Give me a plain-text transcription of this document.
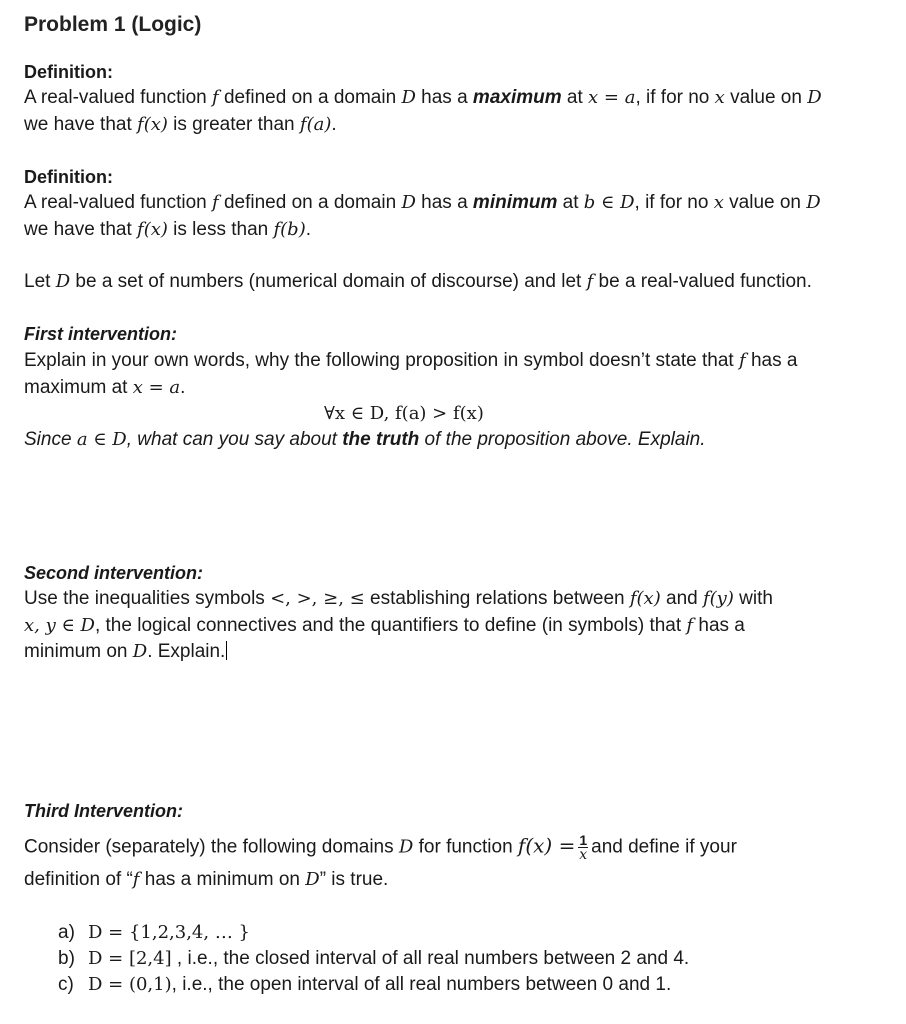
Problem 1 (Logic)
Definition:
A real-valued function f defined on a domain D has a maximum at x = a, if for no x value on D
we have that f(x) is greater than f(a).
Definition:
A real-valued function f defined on a domain D has a minimum at b ∈ D, if for no x value on D
we have that f(x) is less than f(b).
Let D be a set of numbers (numerical domain of discourse) and let f be a real-valued function.
First intervention:
Explain in your own words, why the following proposition in symbol doesn’t state that f has a
maximum at x = a.
∀x ∈ D, f(a) > f(x)
Since a ∈ D, what can you say about the truth of the proposition above. Explain.
Second intervention:
Use the inequalities symbols <, >, ≥, ≤ establishing relations between f(x) and f(y) with
x, y ∈ D, the logical connectives and the quantifiers to define (in symbols) that f has a
minimum on D. Explain.
Third Intervention:
Consider (separately) the following domains D for function $f(x) = \frac{1}{x}$ and define if your
definition of “f has a minimum on D” is true.
a) D = {1,2,3,4, … }
b) D = [2,4] , i.e., the closed interval of all real numbers between 2 and 4.
c) D = (0,1), i.e., the open interval of all real numbers between 0 and 1.
